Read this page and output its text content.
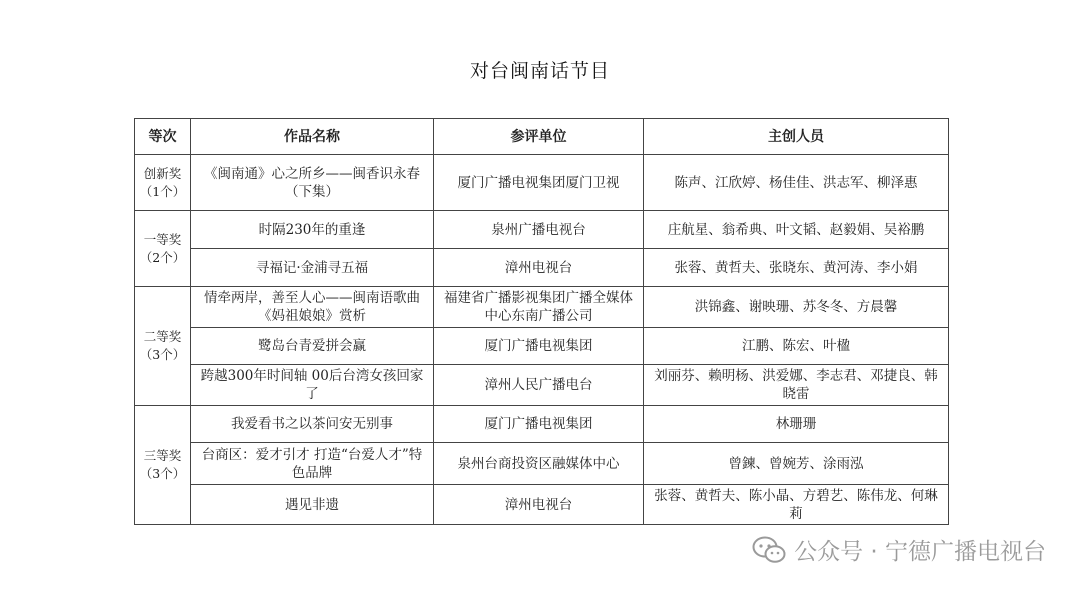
对台闽南话节目
等次	作品名称	参评单位	主创人员

创新奖
（1个）	《闽南通》心之所乡——闽香识永春（下集）	厦门广播电视集团厦门卫视	陈声、江欣婷、杨佳佳、洪志军、柳泽惠

一等奖
（2个）	时隔230年的重逢	泉州广播电视台	庄航星、翁希典、叶文韬、赵毅娟、吴裕鹏
	寻福记·金浦寻五福	漳州电视台	张蓉、黄哲夫、张晓东、黄河涛、李小娟

二等奖
（3个）	情牵两岸，善至人心——闽南语歌曲《妈祖娘娘》赏析	福建省广播影视集团广播全媒体中心东南广播公司	洪锦鑫、谢映珊、苏冬冬、方晨馨
	鹭岛台青爱拼会赢	厦门广播电视集团	江鹏、陈宏、叶楹
	跨越300年时间轴 00后台湾女孩回家了	漳州人民广播电台	刘丽芬、赖明杨、洪爱娜、李志君、邓捷良、韩晓雷

三等奖
（3个）	我爱看书之以茶问安无别事	厦门广播电视集团	林珊珊
	台商区：爱才引才 打造“台爱人才”特色品牌	泉州台商投资区融媒体中心	曾鍊、曾婉芳、涂雨泓
	遇见非遗	漳州电视台	张蓉、黄哲夫、陈小晶、方碧艺、陈伟龙、何琳莉
公众号 · 宁德广播电视台
